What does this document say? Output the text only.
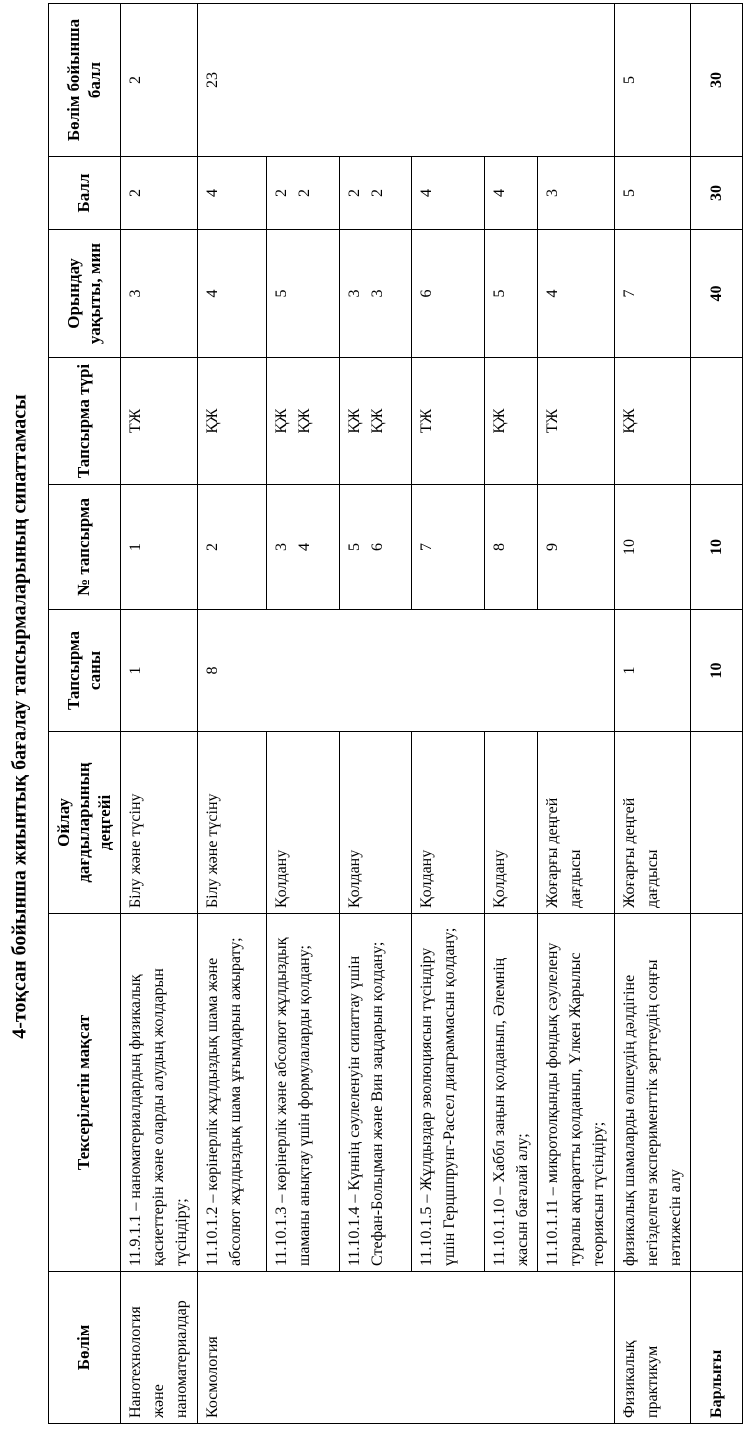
4-тоқсан бойынша жиынтық бағалау тапсырмаларының сипаттамасы
Бөлім	Тексерілетін мақсат	Ойлау дағдыларының деңгейі	Тапсырма саны	№ тапсырма	Тапсырма түрі	Орындау уақыты, мин	Балл	Бөлім бойынша балл
Нанотехнология және наноматериалдар	11.9.1.1 – наноматериалдардың физикалық қасиеттерін және оларды алудың жолдарын түсіндіру;	Білу және түсіну	1	1	ТЖ	3	2	2
Космология	11.10.1.2 – көрінерлік жұлдыздық шама және абсолют жұлдыздық шама ұғымдарын ажырату;	Білу және түсіну	8	2	ҚЖ	4	4	23
	11.10.1.3 – көрінерлік және абсолют жұлдыздық шаманы анықтау үшін формулаларды қолдану;	Қолдану		3 4	ҚЖ ҚЖ	5	2 2	

	11.10.1.4 – Күннің сәулеленуін сипаттау үшін Стефан-Больцман және Вин заңдарын қолдану;	Қолдану		5 6	ҚЖ ҚЖ	3 3	2 2	

	11.10.1.5 – Жұлдыздар эволюциясын түсіндіру үшін Герцшпрунг-Рассел диаграммасын қолдану;	Қолдану		7	ТЖ	6	4	
	11.10.1.10 – Хаббл заңын қолданып, Әлемнің жасын бағалай алу;	Қолдану		8	ҚЖ	5	4	
	11.10.1.11 – микротолқынды фондық сәулелену туралы ақпаратты қолданып, Үлкен Жарылыс теориясын түсіндіру;	Жоғарғы деңгей дағдысы		9	ТЖ	4	3	
Физикалық практикум	физикалық шамаларды өлшеудің дәлдігіне негізделген эксперименттік зерттеудің соңғы нәтижесін алу	Жоғарғы деңгей дағдысы	1	10	ҚЖ	7	5	5
Барлығы			10	10		40	30	30
